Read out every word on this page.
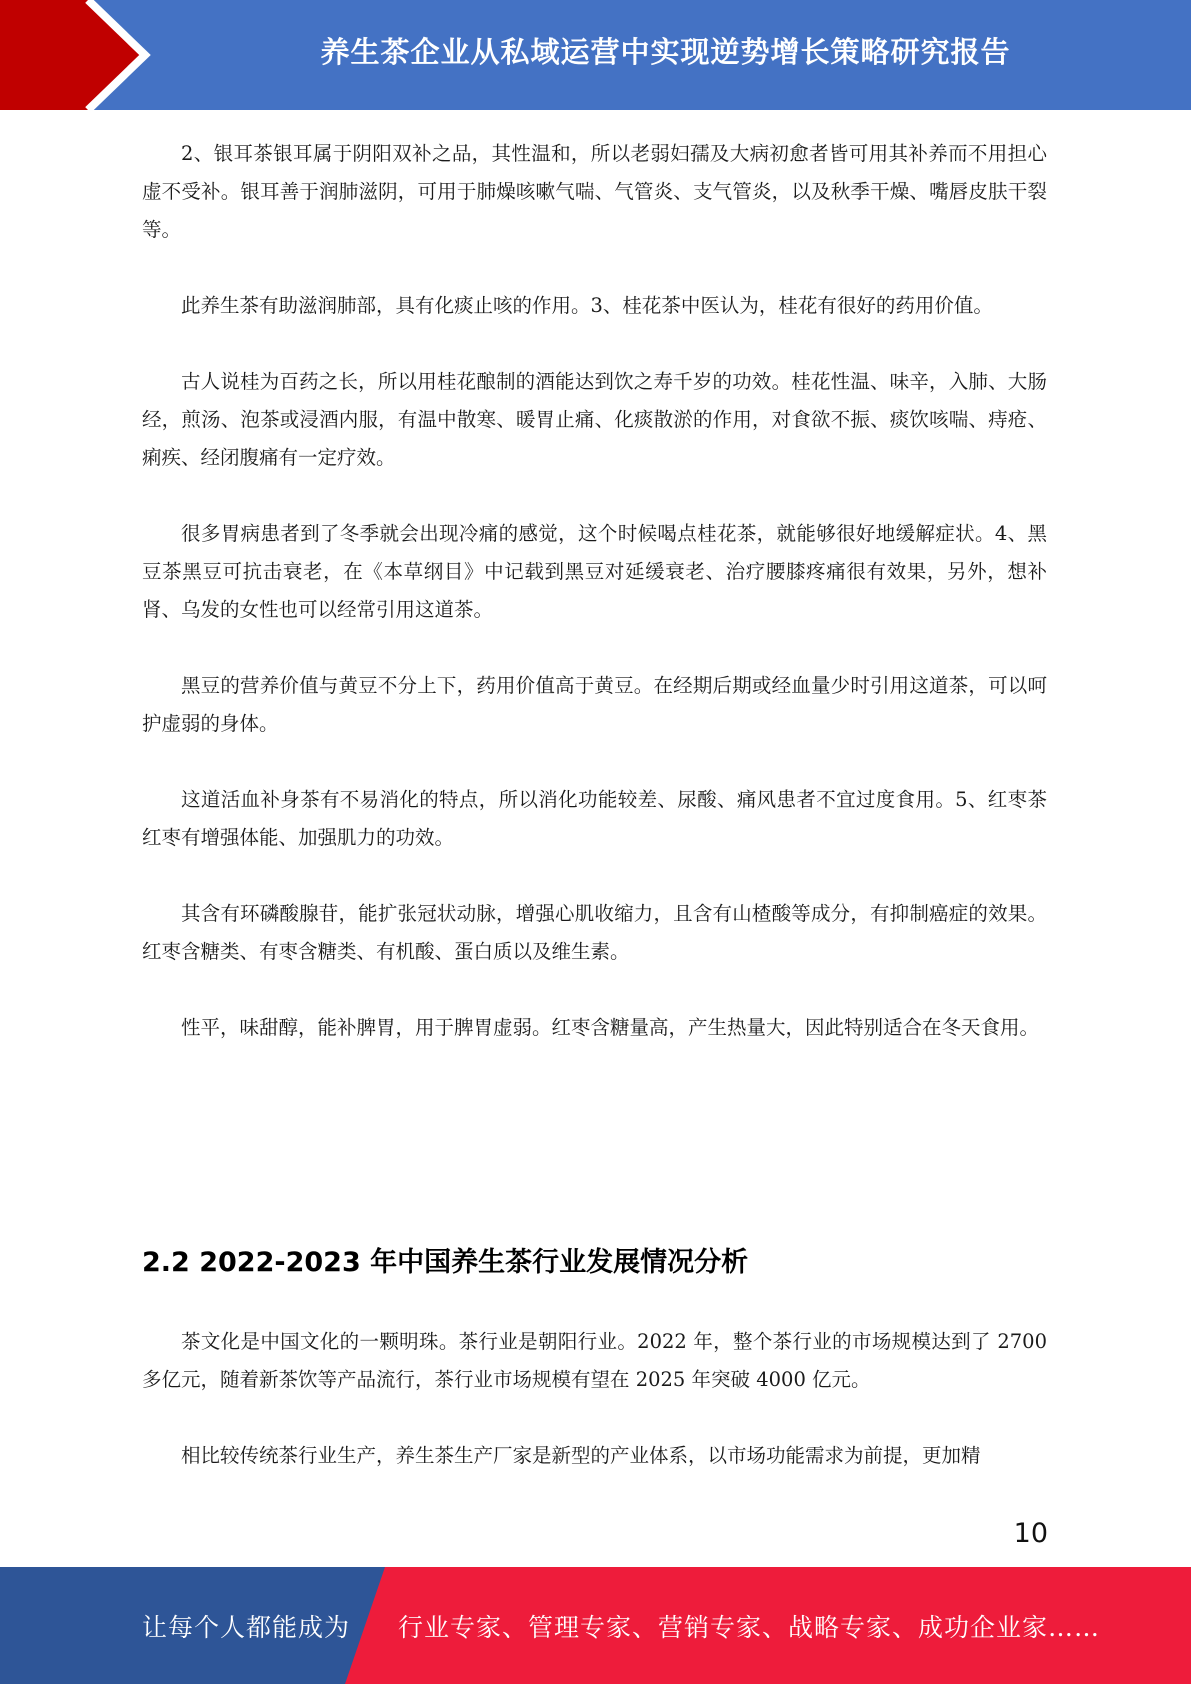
养生茶企业从私域运营中实现逆势增长策略研究报告

2、银耳茶银耳属于阴阳双补之品，其性温和，所以老弱妇孺及大病初愈者皆可用其补养而不用担心虚不受补。银耳善于润肺滋阴，可用于肺燥咳嗽气喘、气管炎、支气管炎，以及秋季干燥、嘴唇皮肤干裂等。

此养生茶有助滋润肺部，具有化痰止咳的作用。3、桂花茶中医认为，桂花有很好的药用价值。

古人说桂为百药之长，所以用桂花酿制的酒能达到饮之寿千岁的功效。桂花性温、味辛，入肺、大肠经，煎汤、泡茶或浸酒内服，有温中散寒、暖胃止痛、化痰散淤的作用，对食欲不振、痰饮咳喘、痔疮、痢疾、经闭腹痛有一定疗效。

很多胃病患者到了冬季就会出现冷痛的感觉，这个时候喝点桂花茶，就能够很好地缓解症状。4、黑豆茶黑豆可抗击衰老，在《本草纲目》中记载到黑豆对延缓衰老、治疗腰膝疼痛很有效果，另外，想补肾、乌发的女性也可以经常引用这道茶。

黑豆的营养价值与黄豆不分上下，药用价值高于黄豆。在经期后期或经血量少时引用这道茶，可以呵护虚弱的身体。

这道活血补身茶有不易消化的特点，所以消化功能较差、尿酸、痛风患者不宜过度食用。5、红枣茶红枣有增强体能、加强肌力的功效。

其含有环磷酸腺苷，能扩张冠状动脉，增强心肌收缩力，且含有山楂酸等成分，有抑制癌症的效果。红枣含糖类、有枣含糖类、有机酸、蛋白质以及维生素。

性平，味甜醇，能补脾胃，用于脾胃虚弱。红枣含糖量高，产生热量大，因此特别适合在冬天食用。

2.2 2022-2023 年中国养生茶行业发展情况分析

茶文化是中国文化的一颗明珠。茶行业是朝阳行业。2022 年，整个茶行业的市场规模达到了 2700 多亿元，随着新茶饮等产品流行，茶行业市场规模有望在 2025 年突破 4000 亿元。

相比较传统茶行业生产，养生茶生产厂家是新型的产业体系，以市场功能需求为前提，更加精

10
让每个人都能成为 行业专家、管理专家、营销专家、战略专家、成功企业家……
